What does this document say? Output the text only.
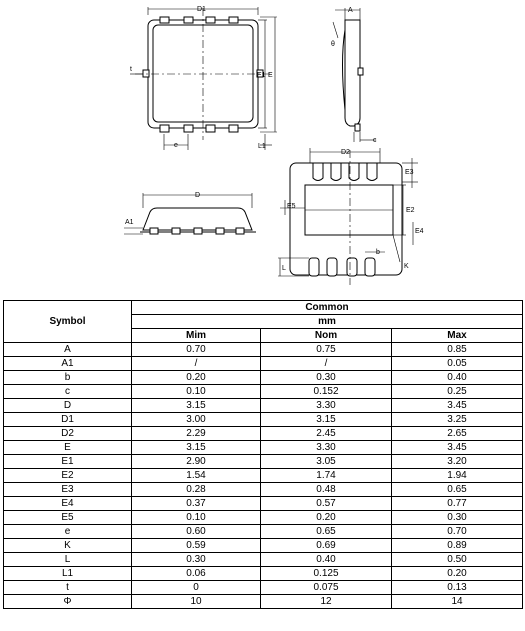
D1
E1 E
t
e	L1
A
θ
c
D
A1
D2
E3
E5
E2
E4
b
K
L
Symbol	Common		
	mm		
	Mim	Nom	Max
A	0.70	0.75	0.85
A1	/	/	0.05
b	0.20	0.30	0.40
c	0.10	0.152	0.25
D	3.15	3.30	3.45
D1	3.00	3.15	3.25
D2	2.29	2.45	2.65
E	3.15	3.30	3.45
E1	2.90	3.05	3.20
E2	1.54	1.74	1.94
E3	0.28	0.48	0.65
E4	0.37	0.57	0.77
E5	0.10	0.20	0.30
e	0.60	0.65	0.70
K	0.59	0.69	0.89
L	0.30	0.40	0.50
L1	0.06	0.125	0.20
t	0	0.075	0.13
Φ	10	12	14
